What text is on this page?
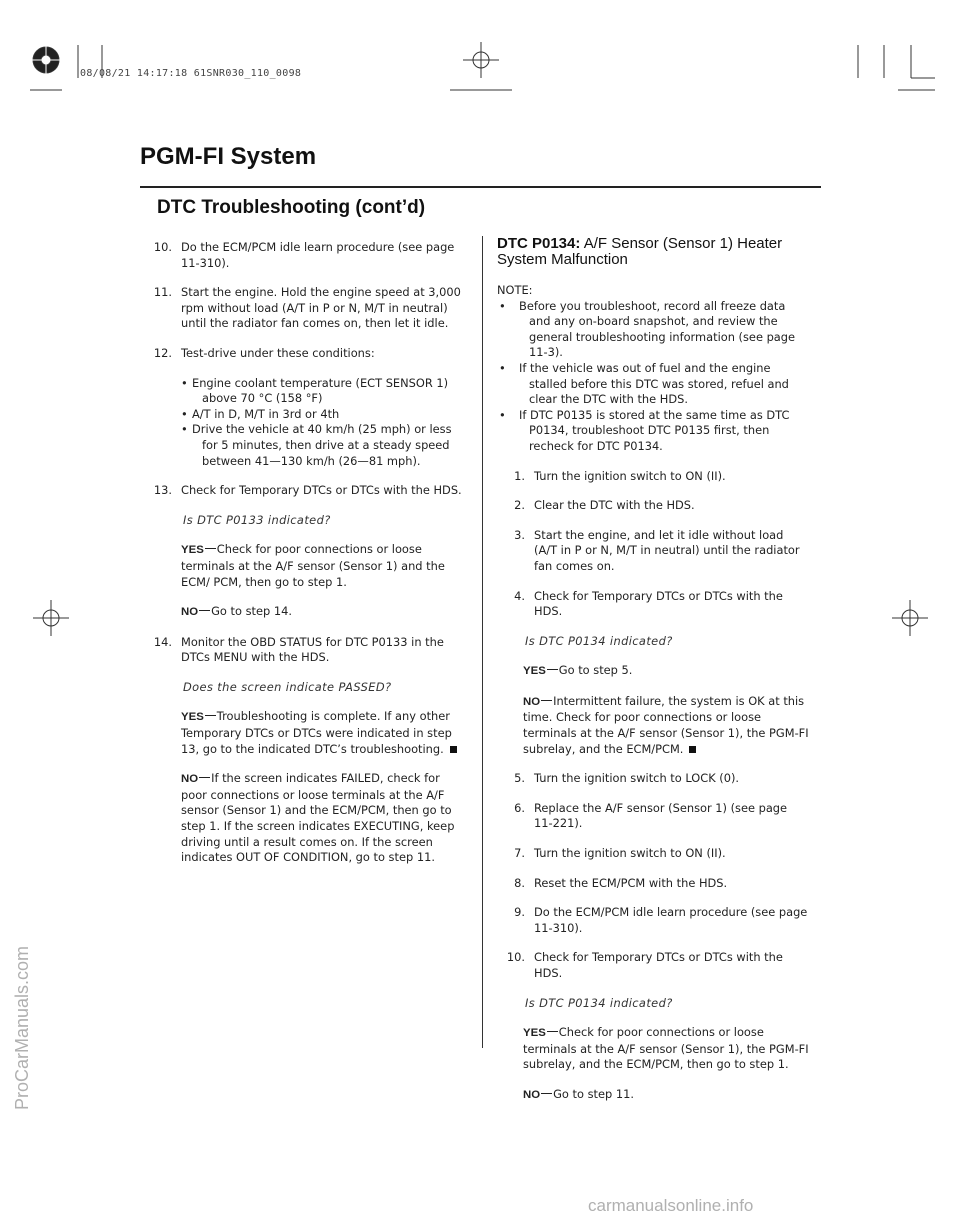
08/08/21 14:17:18 61SNR030_110_0098
PGM-FI System
DTC Troubleshooting (cont’d)
ProCarManuals.com
carmanualsonline.info
10. Do the ECM/PCM idle learn procedure (see page 11-310).
11. Start the engine. Hold the engine speed at 3,000 rpm without load (A/T in P or N, M/T in neutral) until the radiator fan comes on, then let it idle.
12. Test-drive under these conditions:
• Engine coolant temperature (ECT SENSOR 1) above 70 °C (158 °F)
• A/T in D, M/T in 3rd or 4th
• Drive the vehicle at 40 km/h (25 mph) or less for 5 minutes, then drive at a steady speed between 41—130 km/h (26—81 mph).
13. Check for Temporary DTCs or DTCs with the HDS.

Is DTC P0133 indicated?

YES Check for poor connections or loose terminals at the A/F sensor (Sensor 1) and the ECM/ PCM, then go to step 1.

NO Go to step 14.

14. Monitor the OBD STATUS for DTC P0133 in the DTCs MENU with the HDS.

Does the screen indicate PASSED?

YES Troubleshooting is complete. If any other Temporary DTCs or DTCs were indicated in step 13, go to the indicated DTC’s troubleshooting.

NO If the screen indicates FAILED, check for poor connections or loose terminals at the A/F sensor (Sensor 1) and the ECM/PCM, then go to step 1. If the screen indicates EXECUTING, keep driving until a result comes on. If the screen indicates OUT OF CONDITION, go to step 11.

DTC P0134: A/F Sensor (Sensor 1) Heater System Malfunction

NOTE:

• Before you troubleshoot, record all freeze data and any on-board snapshot, and review the general troubleshooting information (see page 11-3).
• If the vehicle was out of fuel and the engine stalled before this DTC was stored, refuel and clear the DTC with the HDS.
• If DTC P0135 is stored at the same time as DTC P0134, troubleshoot DTC P0135 first, then recheck for DTC P0134.
1. Turn the ignition switch to ON (II).
2. Clear the DTC with the HDS.
3. Start the engine, and let it idle without load (A/T in P or N, M/T in neutral) until the radiator fan comes on.
4. Check for Temporary DTCs or DTCs with the HDS.

Is DTC P0134 indicated?

YES Go to step 5.

NO Intermittent failure, the system is OK at this time. Check for poor connections or loose terminals at the A/F sensor (Sensor 1), the PGM-FI subrelay, and the ECM/PCM.

5. Turn the ignition switch to LOCK (0).
6. Replace the A/F sensor (Sensor 1) (see page 11-221).
7. Turn the ignition switch to ON (II).
8. Reset the ECM/PCM with the HDS.
9. Do the ECM/PCM idle learn procedure (see page 11-310).
10. Check for Temporary DTCs or DTCs with the HDS.

Is DTC P0134 indicated?

YES Check for poor connections or loose terminals at the A/F sensor (Sensor 1), the PGM-FI subrelay, and the ECM/PCM, then go to step 1.

NO Go to step 11.
